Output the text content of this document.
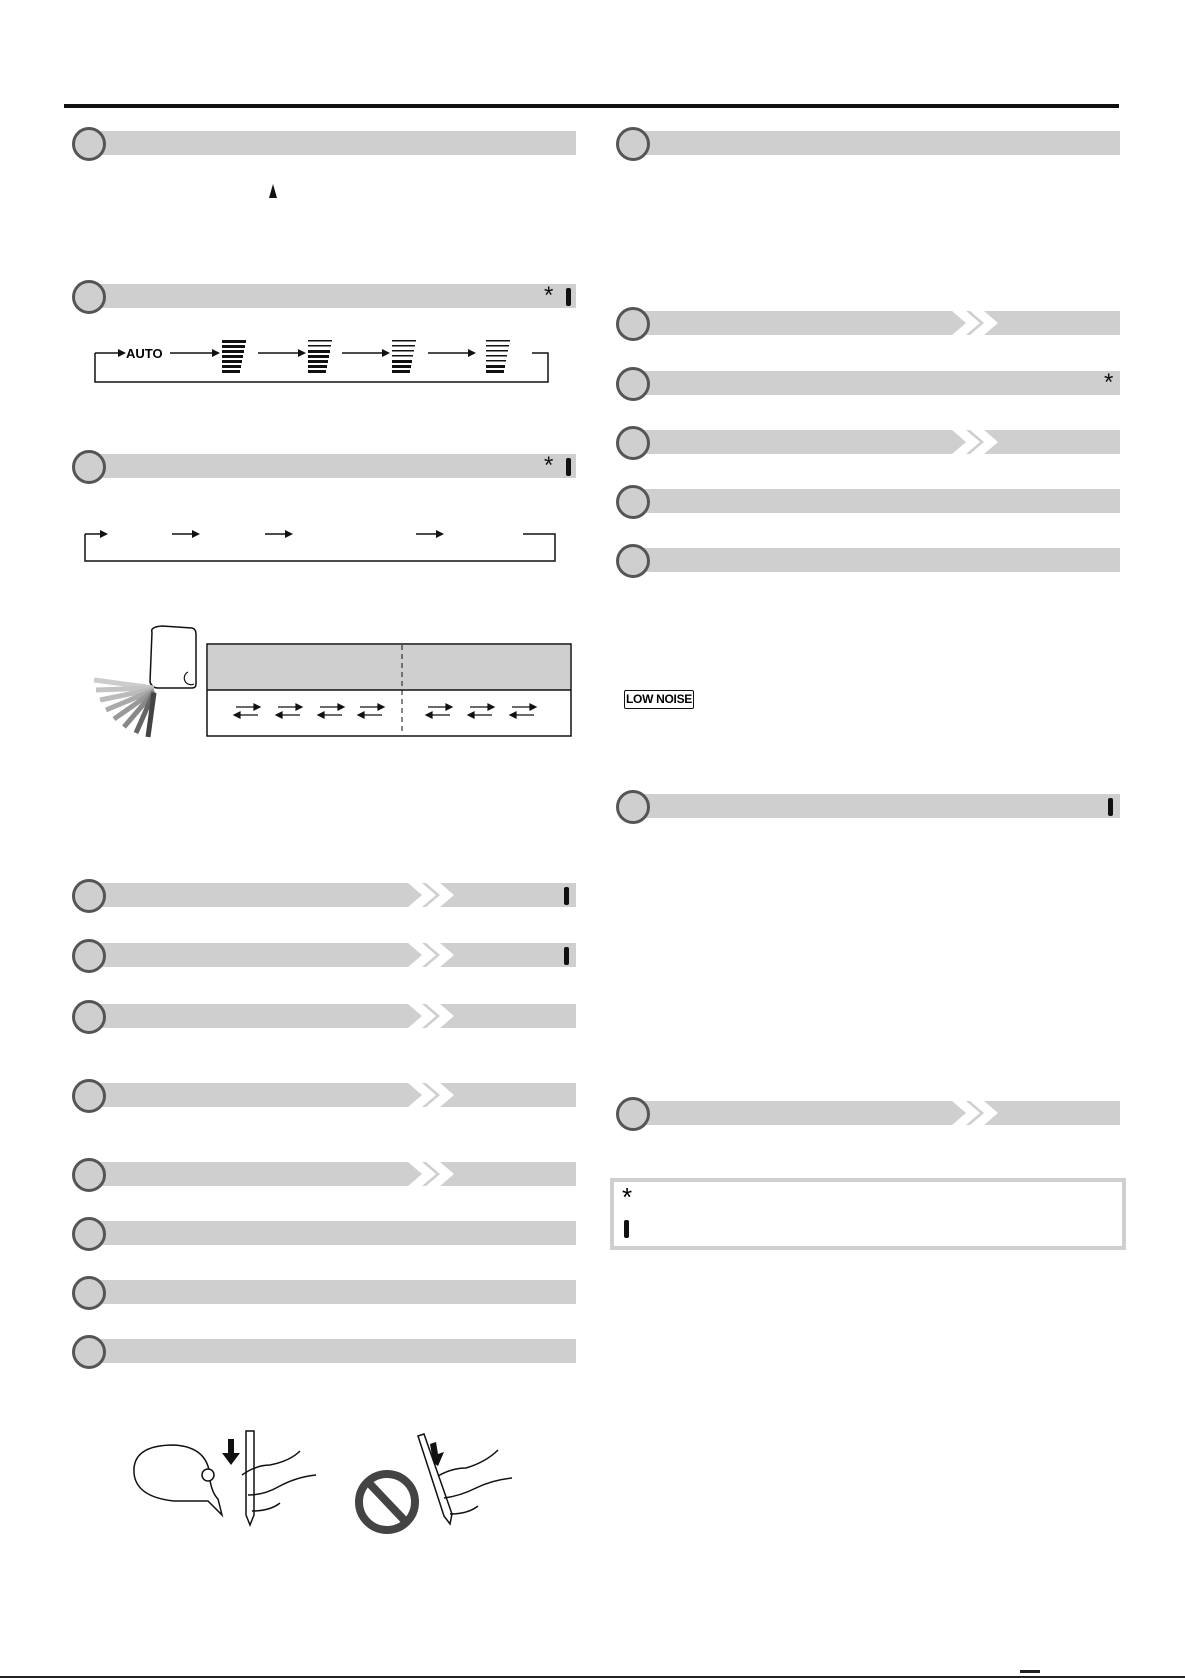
*
AUTO
*
*
LOW NOISE
*
